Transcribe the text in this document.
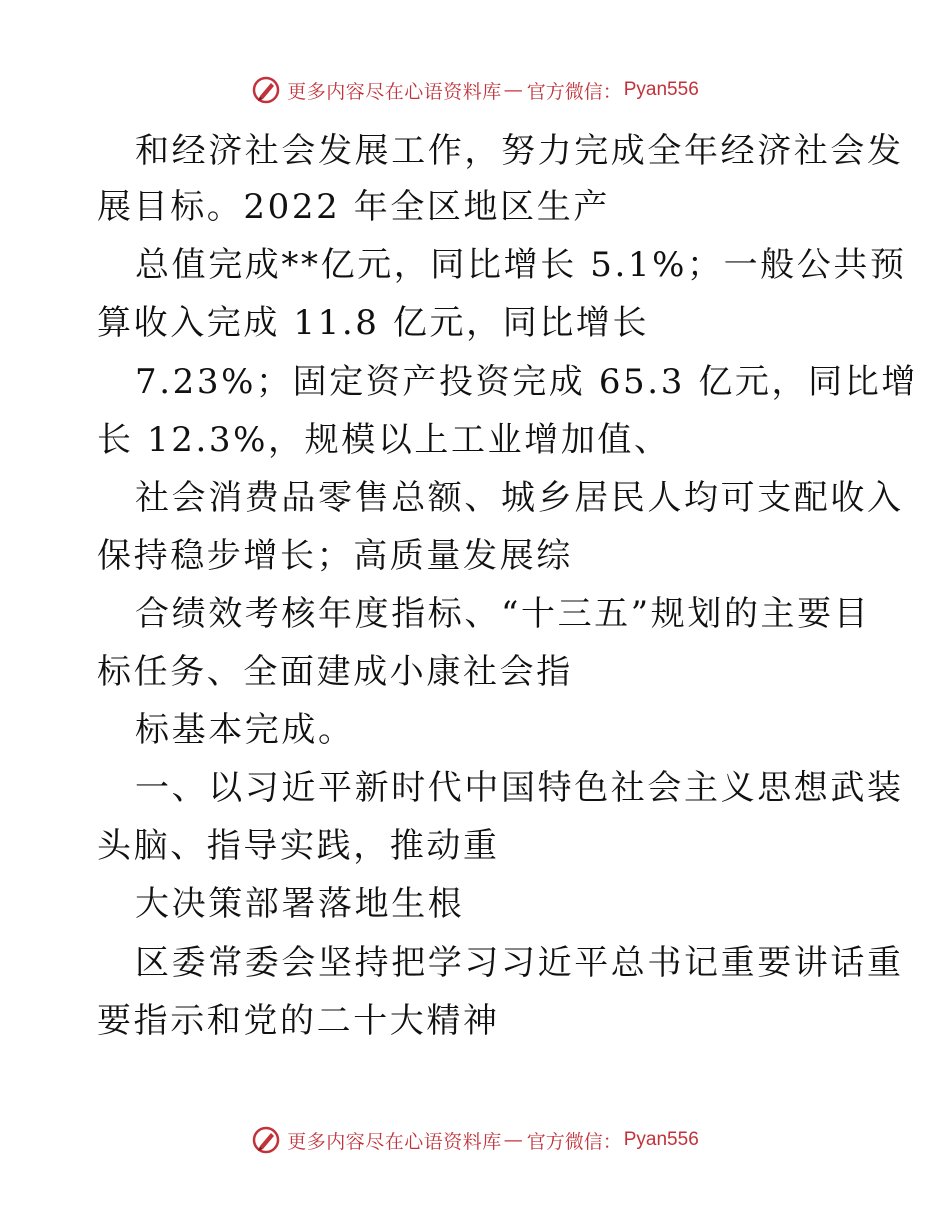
更多内容尽在心语资料库 — 官方微信： Pyan556
和经济社会发展工作，努力完成全年经济社会发
展目标。2022 年全区地区生产
总值完成**亿元，同比增长 5.1%；一般公共预
算收入完成 11.8 亿元，同比增长
7.23%；固定资产投资完成 65.3 亿元，同比增
长 12.3%，规模以上工业增加值、
社会消费品零售总额、城乡居民人均可支配收入
保持稳步增长；高质量发展综
合绩效考核年度指标、“十三五”规划的主要目
标任务、全面建成小康社会指
标基本完成。
一、以习近平新时代中国特色社会主义思想武装
头脑、指导实践，推动重
大决策部署落地生根
区委常委会坚持把学习习近平总书记重要讲话重
要指示和党的二十大精神
更多内容尽在心语资料库 — 官方微信： Pyan556
